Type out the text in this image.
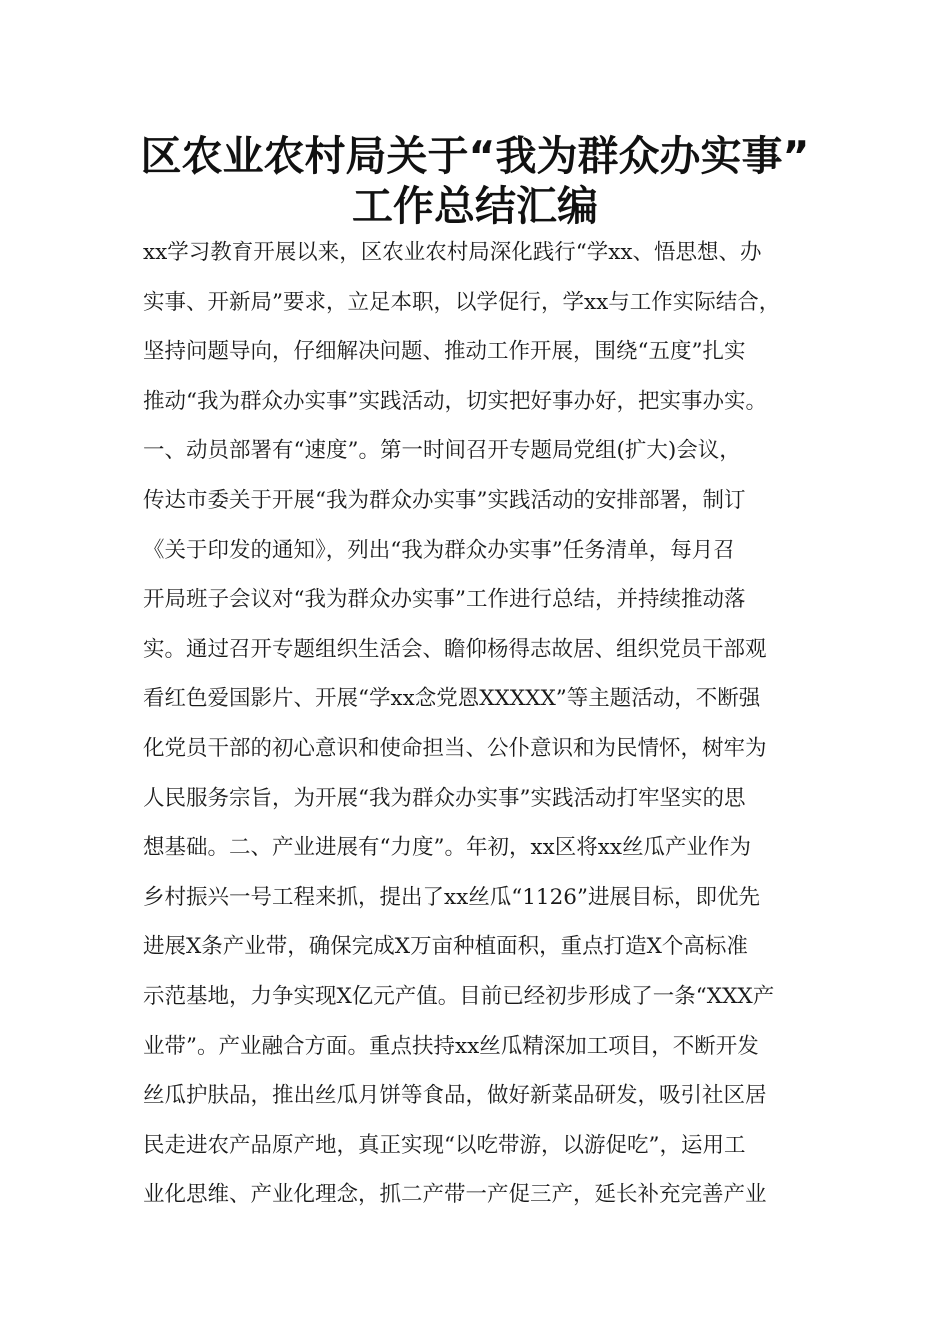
区农业农村局关于“我为群众办实事”
工作总结汇编
xx学习教育开展以来，区农业农村局深化践行“学xx、悟思想、办
实事、开新局”要求，立足本职，以学促行，学xx与工作实际结合，
坚持问题导向，仔细解决问题、推动工作开展，围绕“五度”扎实
推动“我为群众办实事”实践活动，切实把好事办好，把实事办实。
一、动员部署有“速度”。第一时间召开专题局党组(扩大)会议，
传达市委关于开展“我为群众办实事”实践活动的安排部署，制订
《关于印发的通知》，列出“我为群众办实事”任务清单，每月召
开局班子会议对“我为群众办实事”工作进行总结，并持续推动落
实。通过召开专题组织生活会、瞻仰杨得志故居、组织党员干部观
看红色爱国影片、开展“学xx念党恩XXXXX”等主题活动，不断强
化党员干部的初心意识和使命担当、公仆意识和为民情怀，树牢为
人民服务宗旨，为开展“我为群众办实事”实践活动打牢坚实的思
想基础。二、产业进展有“力度”。年初，xx区将xx丝瓜产业作为
乡村振兴一号工程来抓，提出了xx丝瓜“1126”进展目标，即优先
进展X条产业带，确保完成X万亩种植面积，重点打造X个高标准
示范基地，力争实现X亿元产值。目前已经初步形成了一条“XXX产
业带”。产业融合方面。重点扶持xx丝瓜精深加工项目，不断开发
丝瓜护肤品，推出丝瓜月饼等食品，做好新菜品研发，吸引社区居
民走进农产品原产地，真正实现“以吃带游，以游促吃”，运用工
业化思维、产业化理念，抓二产带一产促三产，延长补充完善产业
